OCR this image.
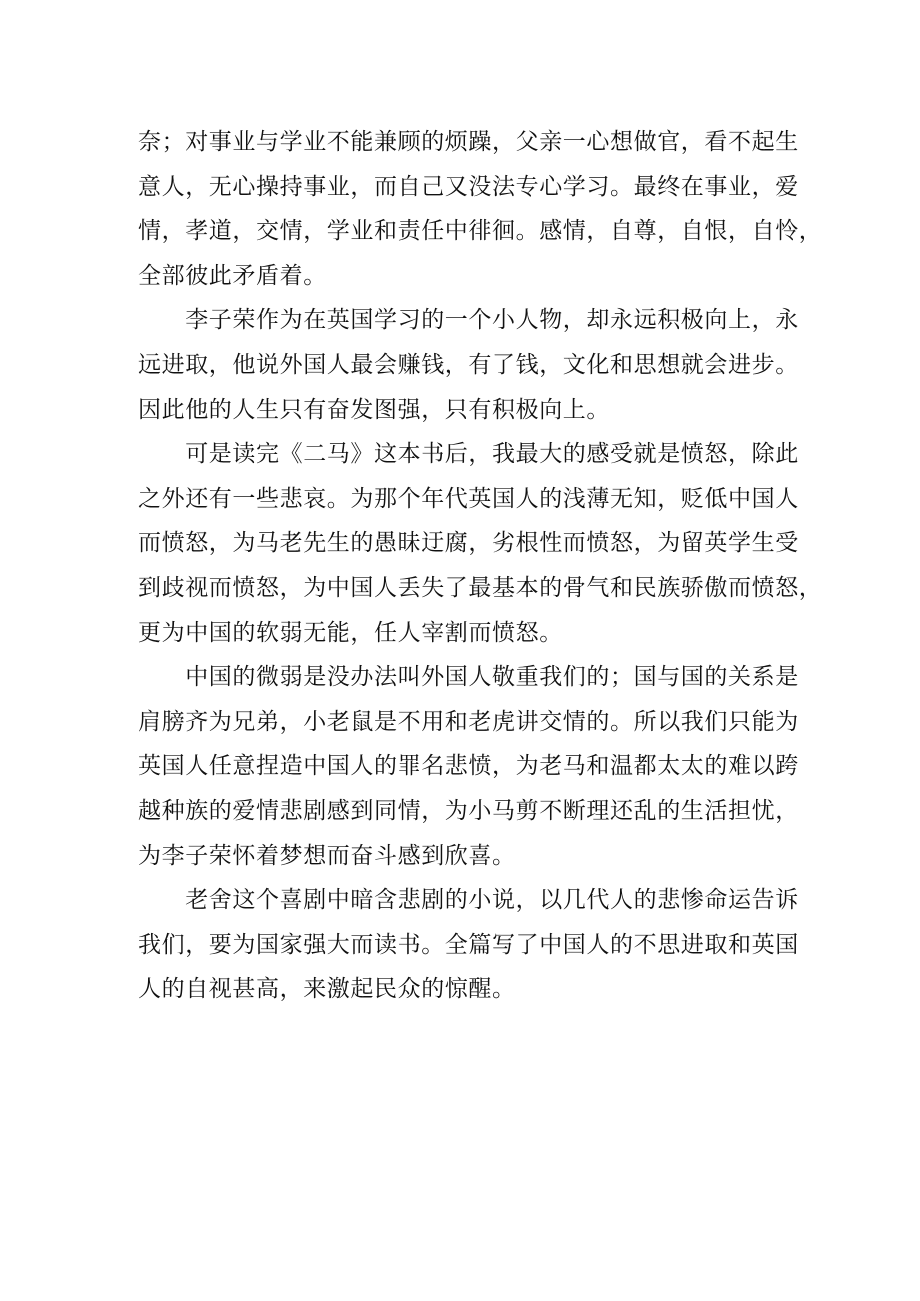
奈；对事业与学业不能兼顾的烦躁，父亲一心想做官，看不起生
意人，无心操持事业，而自己又没法专心学习。最终在事业，爱
情，孝道，交情，学业和责任中徘徊。感情，自尊，自恨，自怜，
全部彼此矛盾着。
　　李子荣作为在英国学习的一个小人物，却永远积极向上，永
远进取，他说外国人最会赚钱，有了钱，文化和思想就会进步。
因此他的人生只有奋发图强，只有积极向上。
　　可是读完《二马》这本书后，我最大的感受就是愤怒，除此
之外还有一些悲哀。为那个年代英国人的浅薄无知，贬低中国人
而愤怒，为马老先生的愚昧迂腐，劣根性而愤怒，为留英学生受
到歧视而愤怒，为中国人丢失了最基本的骨气和民族骄傲而愤怒，
更为中国的软弱无能，任人宰割而愤怒。
　　中国的微弱是没办法叫外国人敬重我们的；国与国的关系是
肩膀齐为兄弟，小老鼠是不用和老虎讲交情的。所以我们只能为
英国人任意捏造中国人的罪名悲愤，为老马和温都太太的难以跨
越种族的爱情悲剧感到同情，为小马剪不断理还乱的生活担忧，
为李子荣怀着梦想而奋斗感到欣喜。
　　老舍这个喜剧中暗含悲剧的小说，以几代人的悲惨命运告诉
我们，要为国家强大而读书。全篇写了中国人的不思进取和英国
人的自视甚高，来激起民众的惊醒。
